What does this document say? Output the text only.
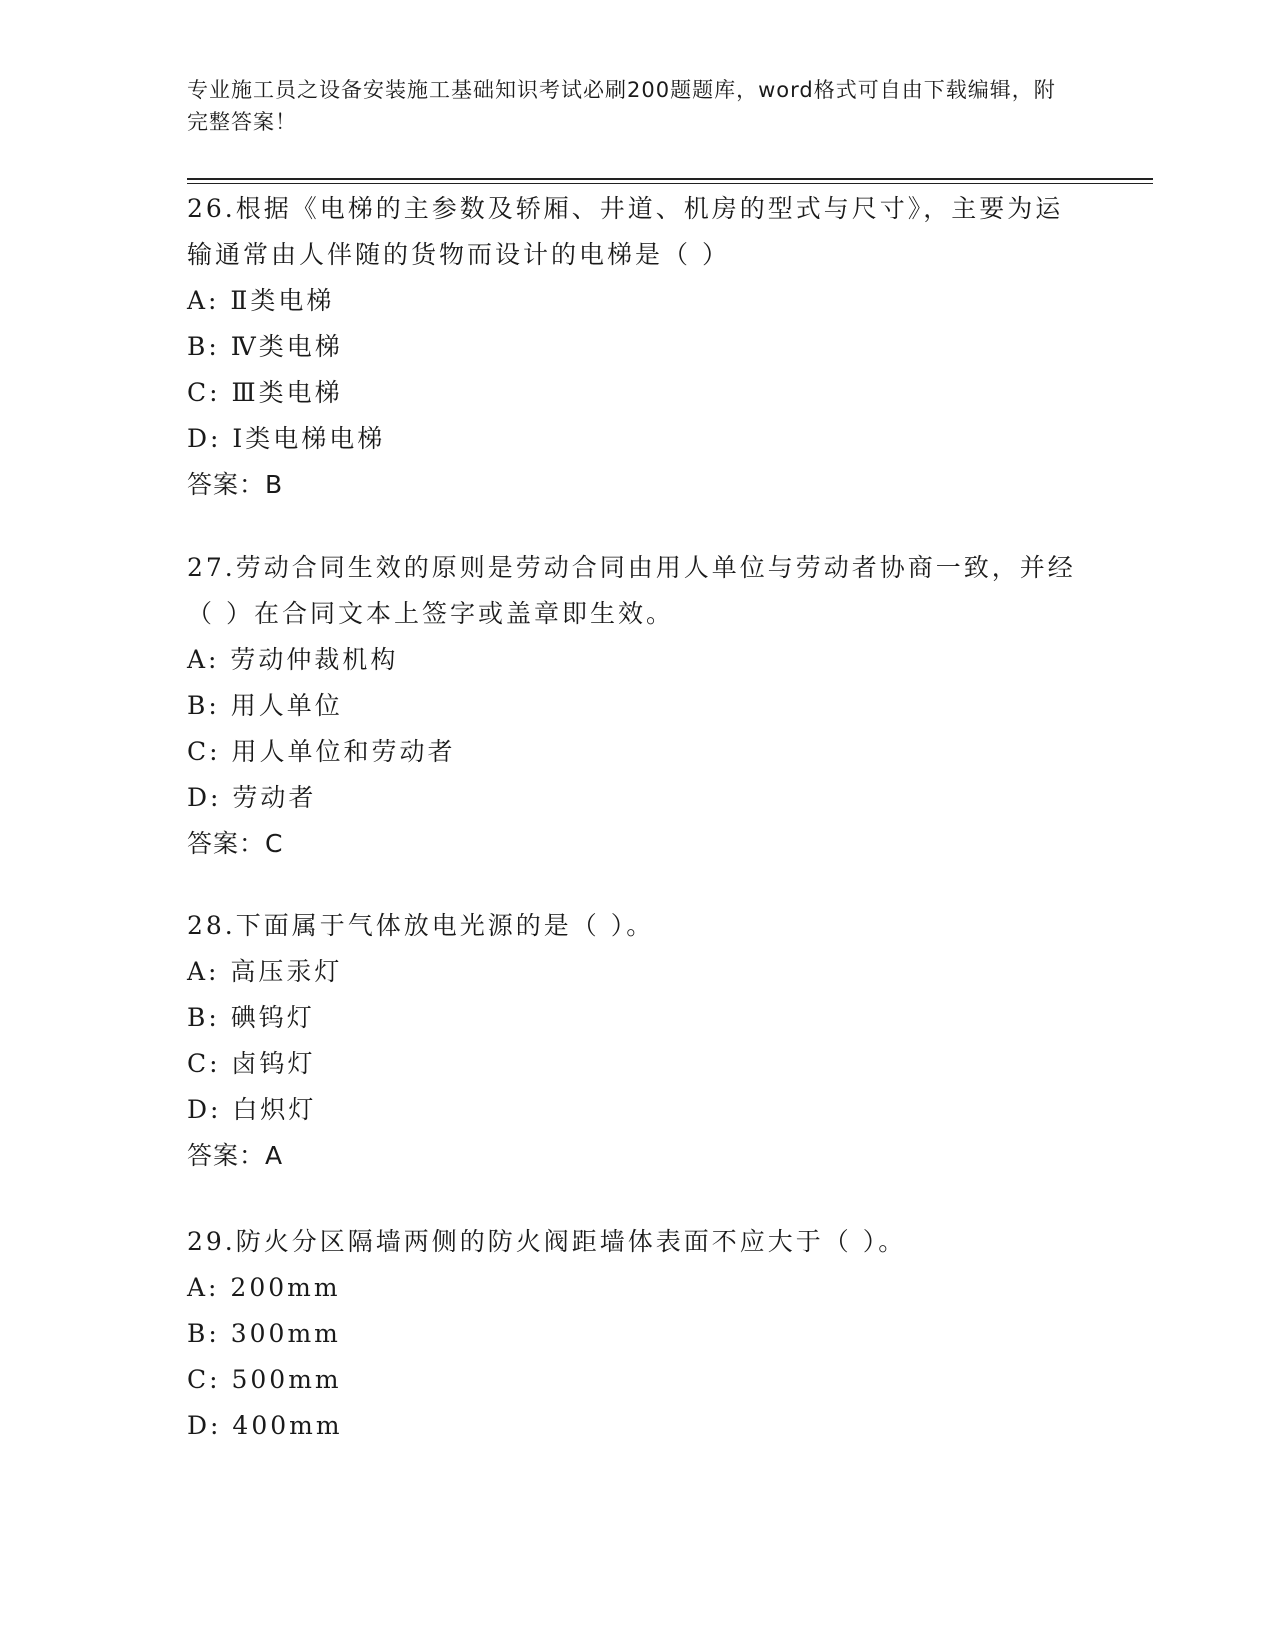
专业施工员之设备安装施工基础知识考试必刷200题题库，word格式可自由下载编辑，附完整答案！

26.根据《电梯的主参数及轿厢、井道、机房的型式与尺寸》，主要为运输通常由人伴随的货物而设计的电梯是（ ）

A: Ⅱ类电梯

B: Ⅳ类电梯

C: Ⅲ类电梯

D: Ⅰ类电梯电梯

答案：B

27.劳动合同生效的原则是劳动合同由用人单位与劳动者协商一致，并经（ ）在合同文本上签字或盖章即生效。

A: 劳动仲裁机构

B: 用人单位

C: 用人单位和劳动者

D: 劳动者

答案：C

28.下面属于气体放电光源的是（ ）。

A: 高压汞灯

B: 碘钨灯

C: 卤钨灯

D: 白炽灯

答案：A

29.防火分区隔墙两侧的防火阀距墙体表面不应大于（ ）。

A: 200mm

B: 300mm

C: 500mm

D: 400mm
